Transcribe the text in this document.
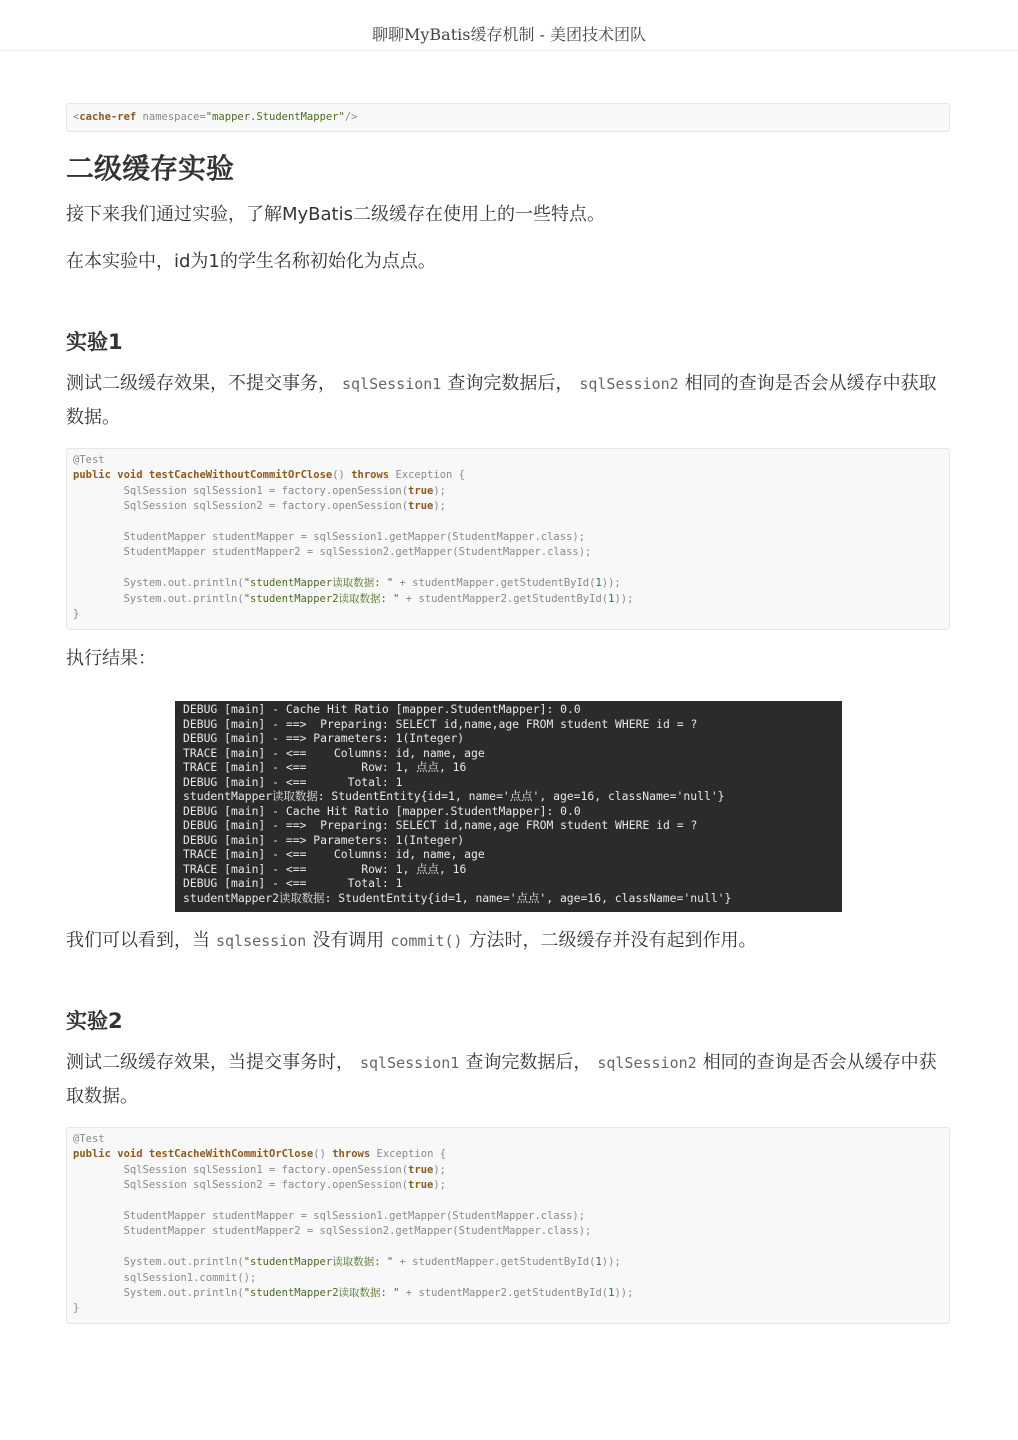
聊聊MyBatis缓存机制 - 美团技术团队
<cache-ref namespace="mapper.StudentMapper"/>
二级缓存实验

接下来我们通过实验，了解MyBatis二级缓存在使用上的一些特点。

在本实验中，id为1的学生名称初始化为点点。

实验1

测试二级缓存效果，不提交事务， sqlSession1 查询完数据后， sqlSession2 相同的查询是否会从缓存中获取数据。

@Test
public void testCacheWithoutCommitOrClose() throws Exception {
SqlSession sqlSession1 = factory.openSession(true);
SqlSession sqlSession2 = factory.openSession(true);

StudentMapper studentMapper = sqlSession1.getMapper(StudentMapper.class);
StudentMapper studentMapper2 = sqlSession2.getMapper(StudentMapper.class);

System.out.println("studentMapper读取数据: " + studentMapper.getStudentById(1));
System.out.println("studentMapper2读取数据: " + studentMapper2.getStudentById(1));
}

执行结果：

DEBUG [main] - Cache Hit Ratio [mapper.StudentMapper]: 0.0
DEBUG [main] - ==>  Preparing: SELECT id,name,age FROM student WHERE id = ?
DEBUG [main] - ==> Parameters: 1(Integer)
TRACE [main] - <==    Columns: id, name, age
TRACE [main] - <==        Row: 1, 点点, 16
DEBUG [main] - <==      Total: 1
studentMapper读取数据: StudentEntity{id=1, name='点点', age=16, className='null'}
DEBUG [main] - Cache Hit Ratio [mapper.StudentMapper]: 0.0
DEBUG [main] - ==>  Preparing: SELECT id,name,age FROM student WHERE id = ?
DEBUG [main] - ==> Parameters: 1(Integer)
TRACE [main] - <==    Columns: id, name, age
TRACE [main] - <==        Row: 1, 点点, 16
DEBUG [main] - <==      Total: 1
studentMapper2读取数据: StudentEntity{id=1, name='点点', age=16, className='null'}

我们可以看到，当 sqlsession 没有调用 commit() 方法时，二级缓存并没有起到作用。

实验2

测试二级缓存效果，当提交事务时， sqlSession1 查询完数据后， sqlSession2 相同的查询是否会从缓存中获取数据。

@Test
public void testCacheWithCommitOrClose() throws Exception {
SqlSession sqlSession1 = factory.openSession(true);
SqlSession sqlSession2 = factory.openSession(true);

StudentMapper studentMapper = sqlSession1.getMapper(StudentMapper.class);
StudentMapper studentMapper2 = sqlSession2.getMapper(StudentMapper.class);

System.out.println("studentMapper读取数据: " + studentMapper.getStudentById(1));
sqlSession1.commit();
System.out.println("studentMapper2读取数据: " + studentMapper2.getStudentById(1));
}
